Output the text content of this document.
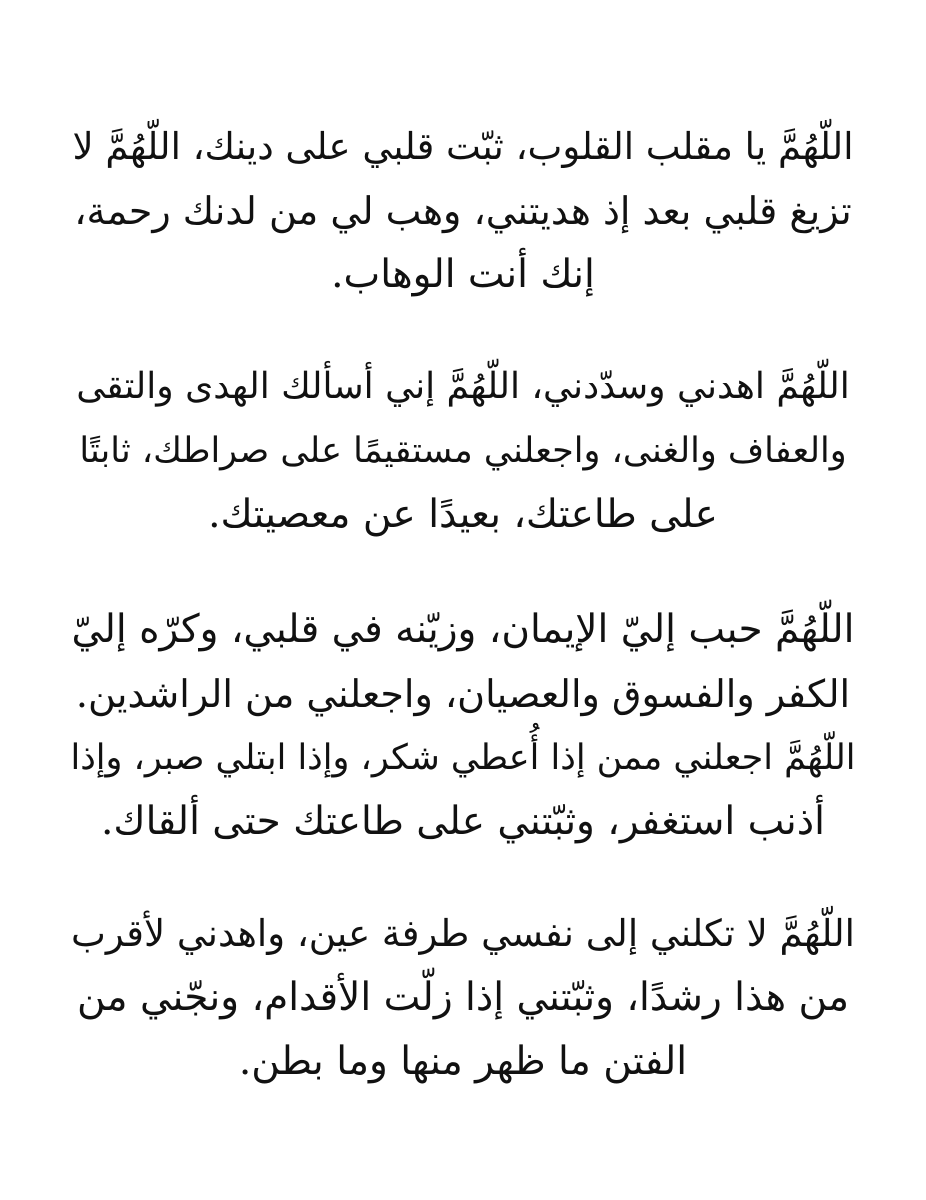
اللّهُمَّ يا مقلب القلوب، ثبّت قلبي على دينك، اللّهُمَّ لا
تزيغ قلبي بعد إذ هديتني، وهب لي من لدنك رحمة،
إنك أنت الوهاب.
اللّهُمَّ اهدني وسدّدني، اللّهُمَّ إني أسألك الهدى والتقى
والعفاف والغنى، واجعلني مستقيمًا على صراطك، ثابتًا
على طاعتك، بعيدًا عن معصيتك.
اللّهُمَّ حبب إليّ الإيمان، وزيّنه في قلبي، وكرّه إليّ
الكفر والفسوق والعصيان، واجعلني من الراشدين.
اللّهُمَّ اجعلني ممن إذا أُعطي شكر، وإذا ابتلي صبر، وإذا
أذنب استغفر، وثبّتني على طاعتك حتى ألقاك.
اللّهُمَّ لا تكلني إلى نفسي طرفة عين، واهدني لأقرب
من هذا رشدًا، وثبّتني إذا زلّت الأقدام، ونجّني من
الفتن ما ظهر منها وما بطن.
